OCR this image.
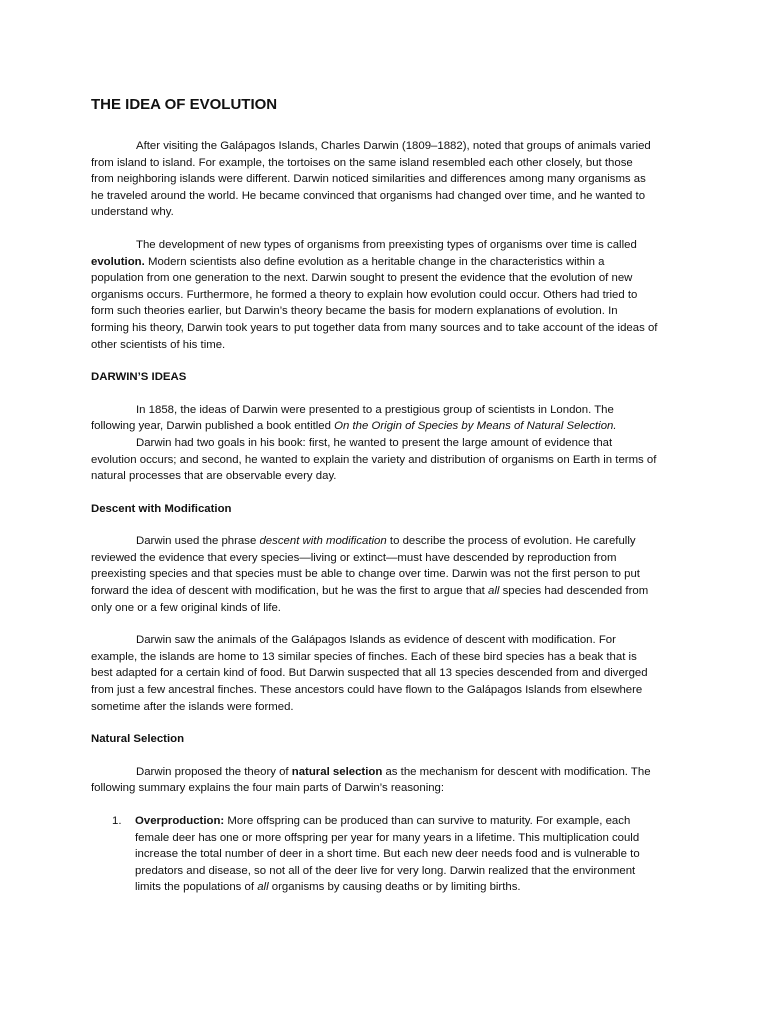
THE IDEA OF EVOLUTION

After visiting the Galápagos Islands, Charles Darwin (1809–1882), noted that groups of animals varied from island to island. For example, the tortoises on the same island resembled each other closely, but those from neighboring islands were different. Darwin noticed similarities and differences among many organisms as he traveled around the world. He became convinced that organisms had changed over time, and he wanted to understand why.

The development of new types of organisms from preexisting types of organisms over time is called evolution. Modern scientists also define evolution as a heritable change in the characteristics within a population from one generation to the next. Darwin sought to present the evidence that the evolution of new organisms occurs. Furthermore, he formed a theory to explain how evolution could occur. Others had tried to form such theories earlier, but Darwin’s theory became the basis for modern explanations of evolution. In forming his theory, Darwin took years to put together data from many sources and to take account of the ideas of other scientists of his time.

DARWIN’S IDEAS

In 1858, the ideas of Darwin were presented to a prestigious group of scientists in London. The following year, Darwin published a book entitled On the Origin of Species by Means of Natural Selection.

Darwin had two goals in his book: first, he wanted to present the large amount of evidence that evolution occurs; and second, he wanted to explain the variety and distribution of organisms on Earth in terms of natural processes that are observable every day.

Descent with Modification

Darwin used the phrase descent with modification to describe the process of evolution. He carefully reviewed the evidence that every species—living or extinct—must have descended by reproduction from preexisting species and that species must be able to change over time. Darwin was not the first person to put forward the idea of descent with modification, but he was the first to argue that all species had descended from only one or a few original kinds of life.

Darwin saw the animals of the Galápagos Islands as evidence of descent with modification. For example, the islands are home to 13 similar species of finches. Each of these bird species has a beak that is best adapted for a certain kind of food. But Darwin suspected that all 13 species descended from and diverged from just a few ancestral finches. These ancestors could have flown to the Galápagos Islands from elsewhere sometime after the islands were formed.

Natural Selection

Darwin proposed the theory of natural selection as the mechanism for descent with modification. The following summary explains the four main parts of Darwin’s reasoning:

1. Overproduction: More offspring can be produced than can survive to maturity. For example, each female deer has one or more offspring per year for many years in a lifetime. This multiplication could increase the total number of deer in a short time. But each new deer needs food and is vulnerable to predators and disease, so not all of the deer live for very long. Darwin realized that the environment limits the populations of all organisms by causing deaths or by limiting births.
